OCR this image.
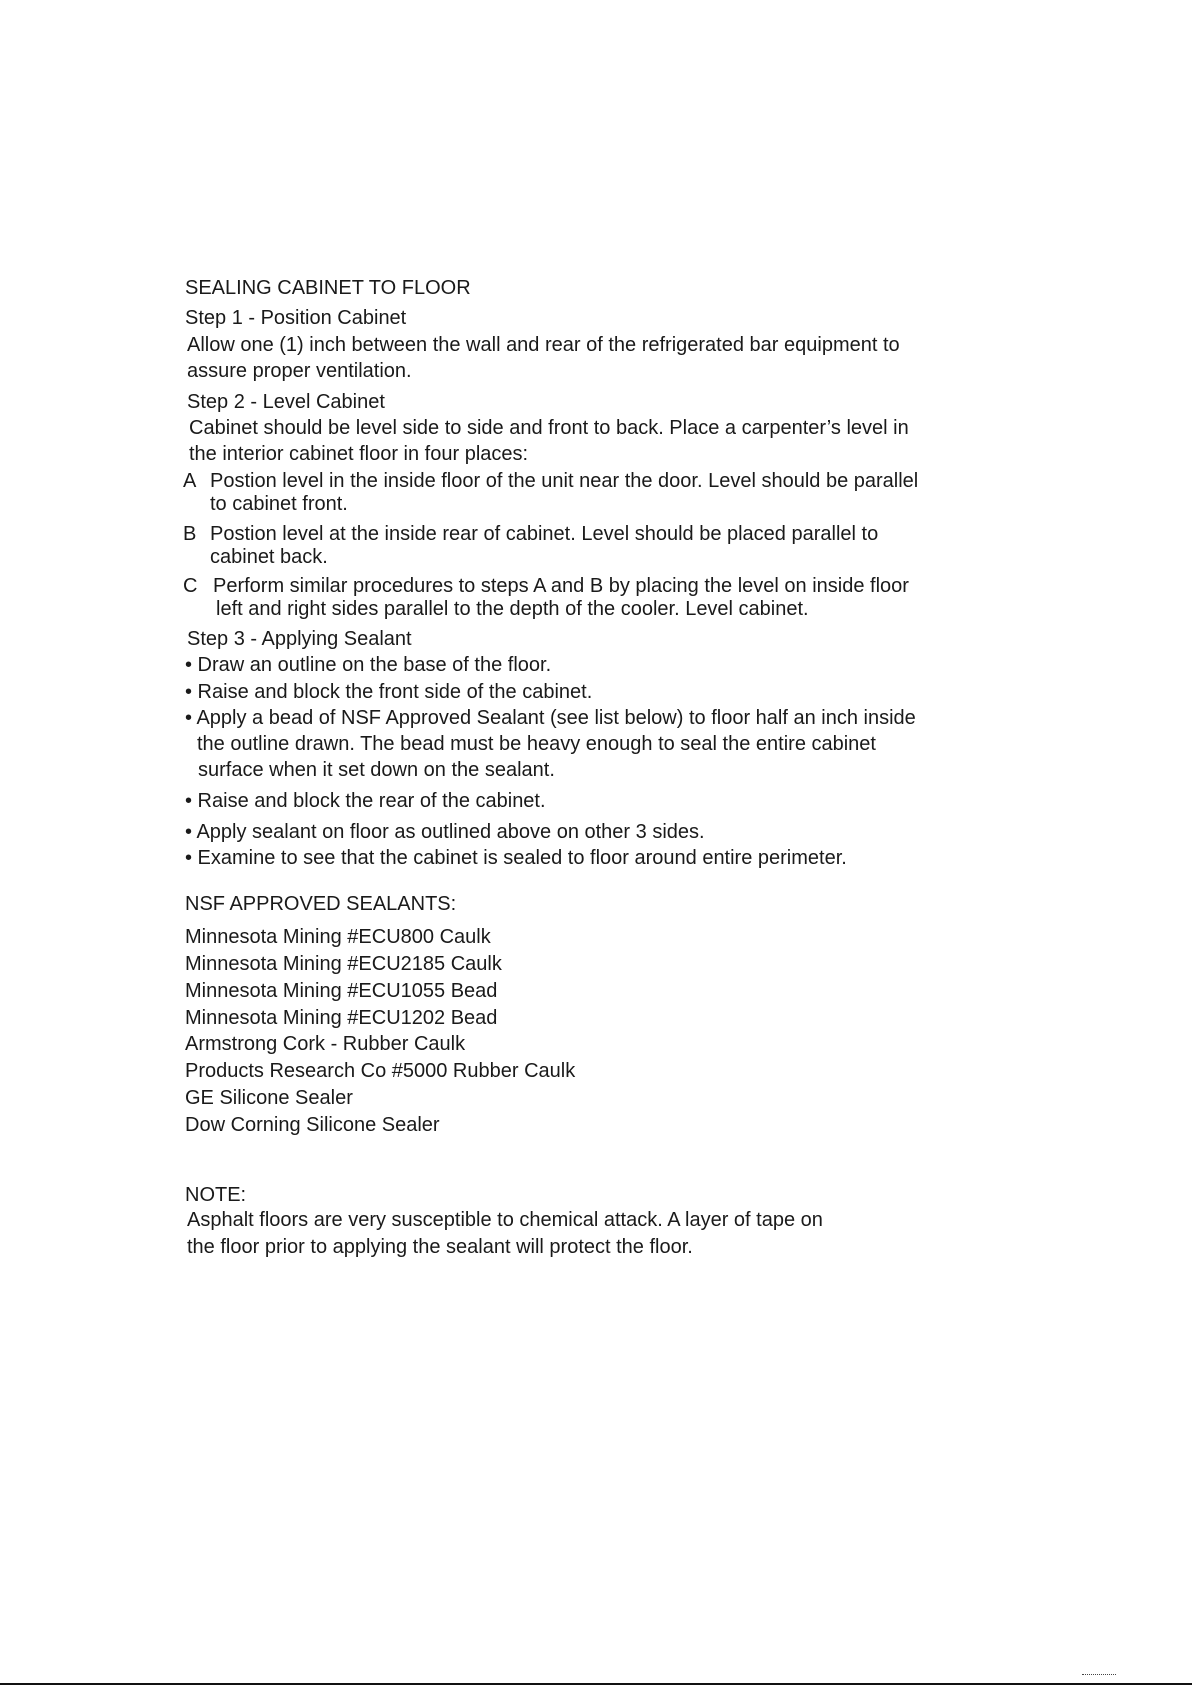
SEALING CABINET TO FLOOR
Step 1 - Position Cabinet
Allow one (1) inch between the wall and rear of the refrigerated bar equipment to
assure proper ventilation.
Step 2 - Level Cabinet
Cabinet should be level side to side and front to back. Place a carpenter’s level in
the interior cabinet floor in four places:
A Postion level in the inside floor of the unit near the door. Level should be parallel
to cabinet front.
B Postion level at the inside rear of cabinet. Level should be placed parallel to
cabinet back.
C Perform similar procedures to steps A and B by placing the level on inside floor
left and right sides parallel to the depth of the cooler. Level cabinet.
Step 3 - Applying Sealant
• Draw an outline on the base of the floor.
• Raise and block the front side of the cabinet.
• Apply a bead of NSF Approved Sealant (see list below) to floor half an inch inside
the outline drawn. The bead must be heavy enough to seal the entire cabinet
surface when it set down on the sealant.
• Raise and block the rear of the cabinet.
• Apply sealant on floor as outlined above on other 3 sides.
• Examine to see that the cabinet is sealed to floor around entire perimeter.
NSF APPROVED SEALANTS:
Minnesota Mining #ECU800 Caulk
Minnesota Mining #ECU2185 Caulk
Minnesota Mining #ECU1055 Bead
Minnesota Mining #ECU1202 Bead
Armstrong Cork - Rubber Caulk
Products Research Co #5000 Rubber Caulk
GE Silicone Sealer
Dow Corning Silicone Sealer
NOTE:
Asphalt floors are very susceptible to chemical attack. A layer of tape on
the floor prior to applying the sealant will protect the floor.
